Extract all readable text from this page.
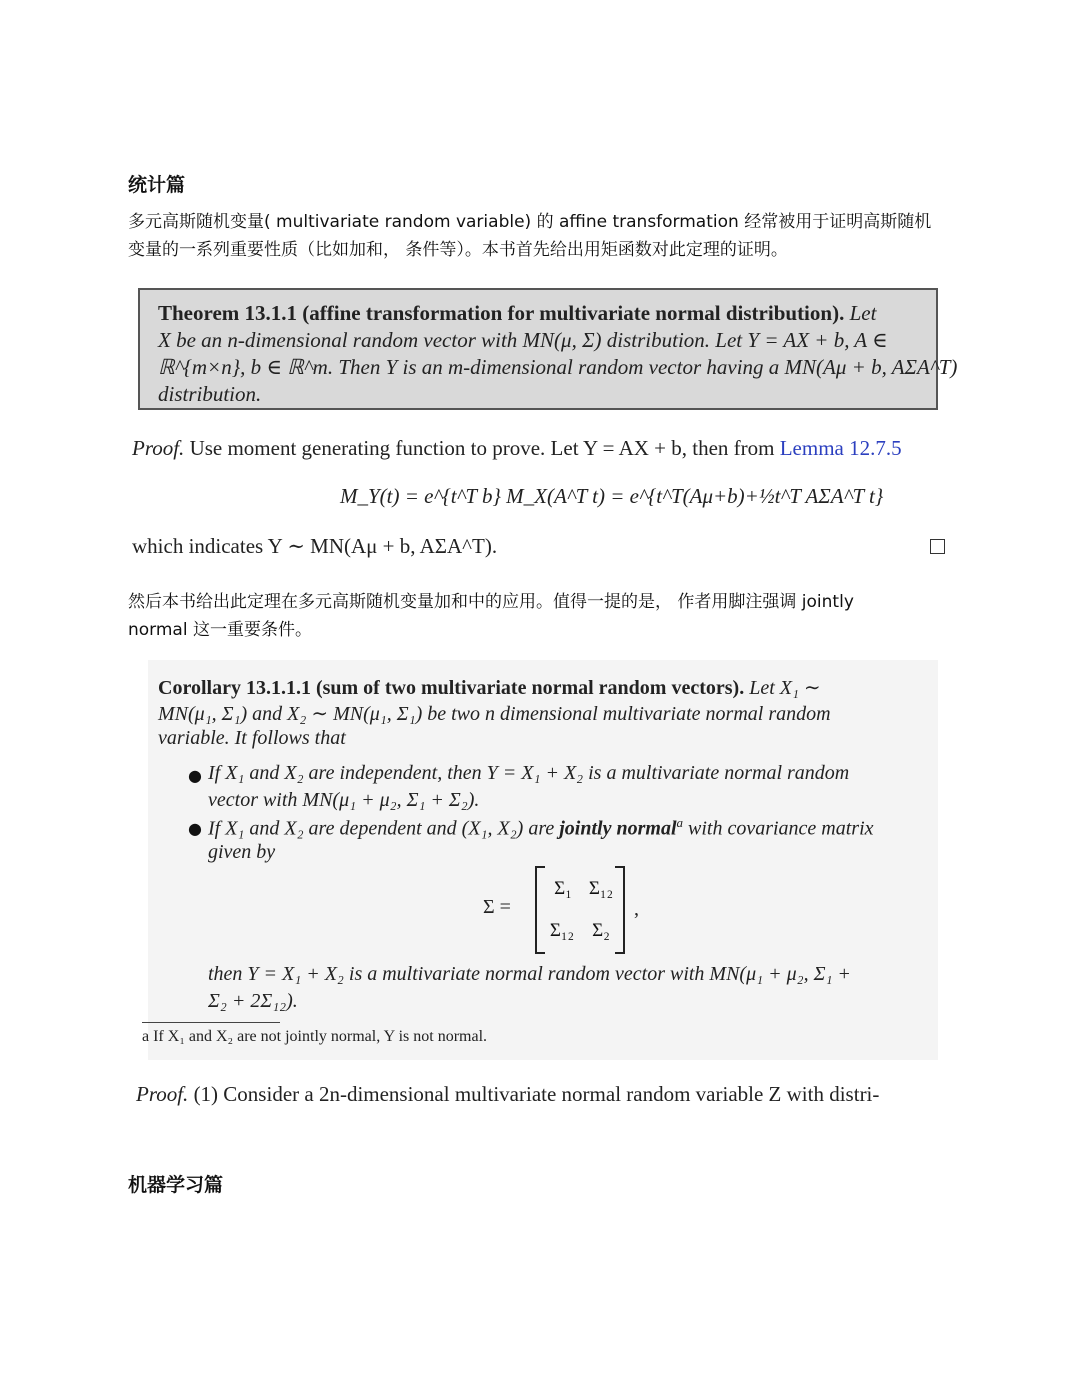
统计篇
多元高斯随机变量( multivariate random variable) 的 affine transformation 经常被用于证明高斯随机
变量的一系列重要性质（比如加和， 条件等）。本书首先给出用矩函数对此定理的证明。
Theorem 13.1.1 (affine transformation for multivariate normal distribution). Let
X be an n-dimensional random vector with MN(μ, Σ) distribution. Let Y = AX + b, A ∈
ℝ^{m×n}, b ∈ ℝ^m. Then Y is an m-dimensional random vector having a MN(Aμ + b, AΣA^T)
distribution.
Proof. Use moment generating function to prove. Let Y = AX + b, then from Lemma 12.7.5
M_Y(t) = e^{t^T b} M_X(A^T t) = e^{t^T(Aμ+b)+½t^T AΣA^T t}
which indicates Y ∼ MN(Aμ + b, AΣA^T).
然后本书给出此定理在多元高斯随机变量加和中的应用。值得一提的是， 作者用脚注强调 jointly
normal 这一重要条件。
Corollary 13.1.1.1 (sum of two multivariate normal random vectors). Let X₁ ∼
MN(μ₁, Σ₁) and X₂ ∼ MN(μ₁, Σ₁) be two n dimensional multivariate normal random
variable. It follows that
● If X₁ and X₂ are independent, then Y = X₁ + X₂ is a multivariate normal random
vector with MN(μ₁ + μ₂, Σ₁ + Σ₂).
● If X₁ and X₂ are dependent and (X₁, X₂) are jointly normal$^a$ with covariance matrix
given by
Σ =
Σ₁ Σ₁₂
Σ₁₂ Σ₂
,
then Y = X₁ + X₂ is a multivariate normal random vector with MN(μ₁ + μ₂, Σ₁ +
Σ₂ + 2Σ₁₂).
a If X₁ and X₂ are not jointly normal, Y is not normal.
Proof. (1) Consider a 2n-dimensional multivariate normal random variable Z with distri-
机器学习篇
